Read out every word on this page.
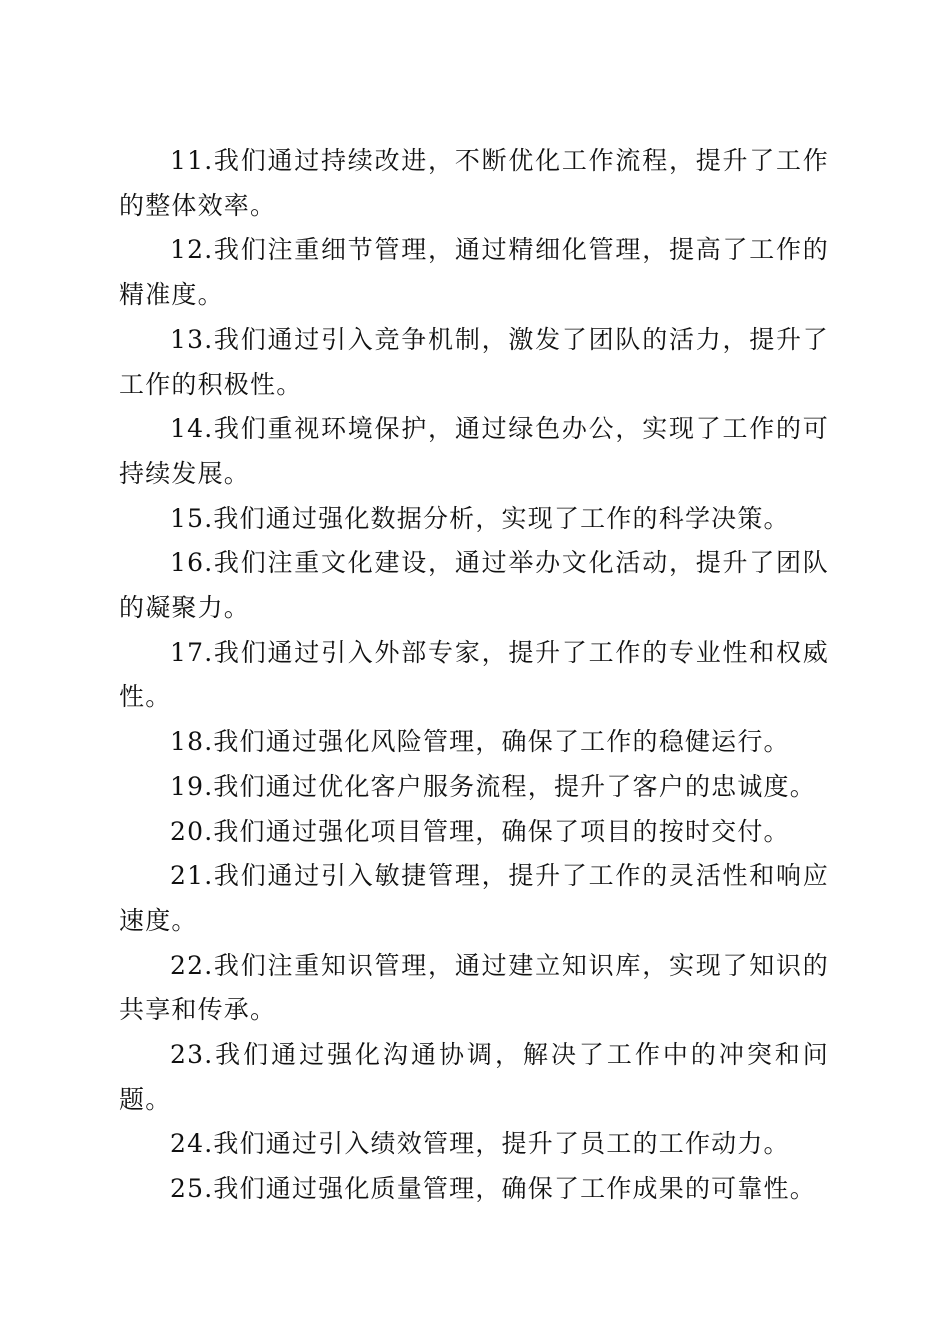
11.我们通过持续改进，不断优化工作流程，提升了工作的整体效率。

12.我们注重细节管理，通过精细化管理，提高了工作的精准度。

13.我们通过引入竞争机制，激发了团队的活力，提升了工作的积极性。

14.我们重视环境保护，通过绿色办公，实现了工作的可持续发展。

15.我们通过强化数据分析，实现了工作的科学决策。

16.我们注重文化建设，通过举办文化活动，提升了团队的凝聚力。

17.我们通过引入外部专家，提升了工作的专业性和权威性。

18.我们通过强化风险管理，确保了工作的稳健运行。

19.我们通过优化客户服务流程，提升了客户的忠诚度。

20.我们通过强化项目管理，确保了项目的按时交付。

21.我们通过引入敏捷管理，提升了工作的灵活性和响应速度。

22.我们注重知识管理，通过建立知识库，实现了知识的共享和传承。

23.我们通过强化沟通协调，解决了工作中的冲突和问题。

24.我们通过引入绩效管理，提升了员工的工作动力。

25.我们通过强化质量管理，确保了工作成果的可靠性。
